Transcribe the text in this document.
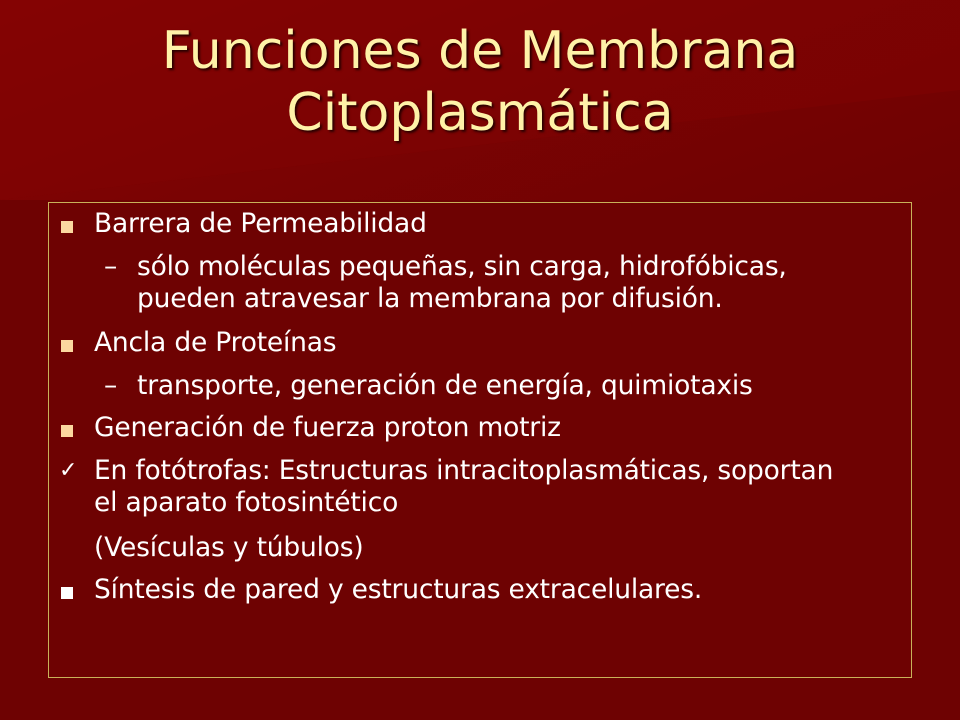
Funciones de Membrana
Citoplasmática
Barrera de Permeabilidad
– sólo moléculas pequeñas, sin carga, hidrofóbicas,
pueden atravesar la membrana por difusión.
Ancla de Proteínas
– transporte, generación de energía, quimiotaxis
Generación de fuerza proton motriz
✓ En fotótrofas: Estructuras intracitoplasmáticas, soportan
el aparato fotosintético
(Vesículas y túbulos)
Síntesis de pared y estructuras extracelulares.
